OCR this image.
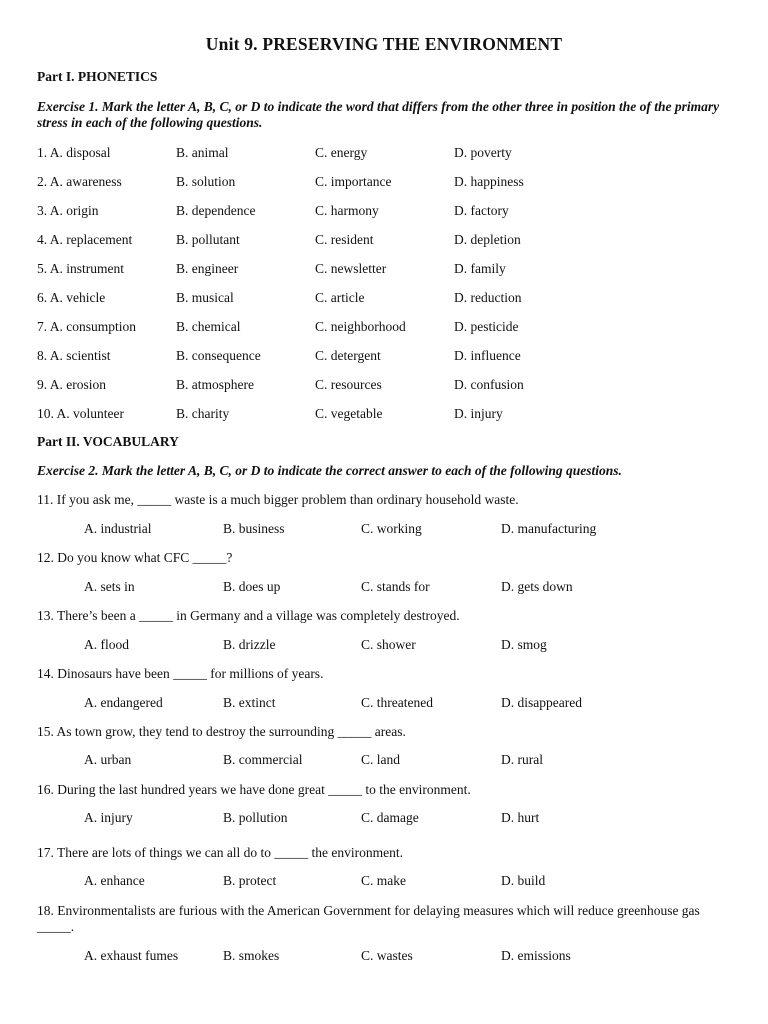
Unit 9. PRESERVING THE ENVIRONMENT
Part I. PHONETICS
Exercise 1. Mark the letter A, B, C, or D to indicate the word that differs from the other three in position the of the primary stress in each of the following questions.
1. A. disposal	B. animal	C. energy	D. poverty
2. A. awareness	B. solution	C. importance	D. happiness
3. A. origin	B. dependence	C. harmony	D. factory
4. A. replacement	B. pollutant	C. resident	D. depletion
5. A. instrument	B. engineer	C. newsletter	D. family
6. A. vehicle	B. musical	C. article	D. reduction
7. A. consumption	B. chemical	C. neighborhood	D. pesticide
8. A. scientist	B. consequence	C. detergent	D. influence
9. A. erosion	B. atmosphere	C. resources	D. confusion
10. A. volunteer	B. charity	C. vegetable	D. injury
Part II. VOCABULARY
Exercise 2. Mark the letter A, B, C, or D to indicate the correct answer to each of the following questions.
11. If you ask me, _____ waste is a much bigger problem than ordinary household waste.
A. industrial	B. business	C. working	D. manufacturing
12. Do you know what CFC _____?
A. sets in	B. does up	C. stands for	D. gets down
13. There’s been a _____ in Germany and a village was completely destroyed.
A. flood	B. drizzle	C. shower	D. smog
14. Dinosaurs have been _____ for millions of years.
A. endangered	B. extinct	C. threatened	D. disappeared
15. As town grow, they tend to destroy the surrounding _____ areas.
A. urban	B. commercial	C. land	D. rural
16. During the last hundred years we have done great _____ to the environment.
A. injury	B. pollution	C. damage	D. hurt
17. There are lots of things we can all do to _____ the environment.
A. enhance	B. protect	C. make	D. build
18. Environmentalists are furious with the American Government for delaying measures which will reduce greenhouse gas _____.
A. exhaust fumes	B. smokes	C. wastes	D. emissions
